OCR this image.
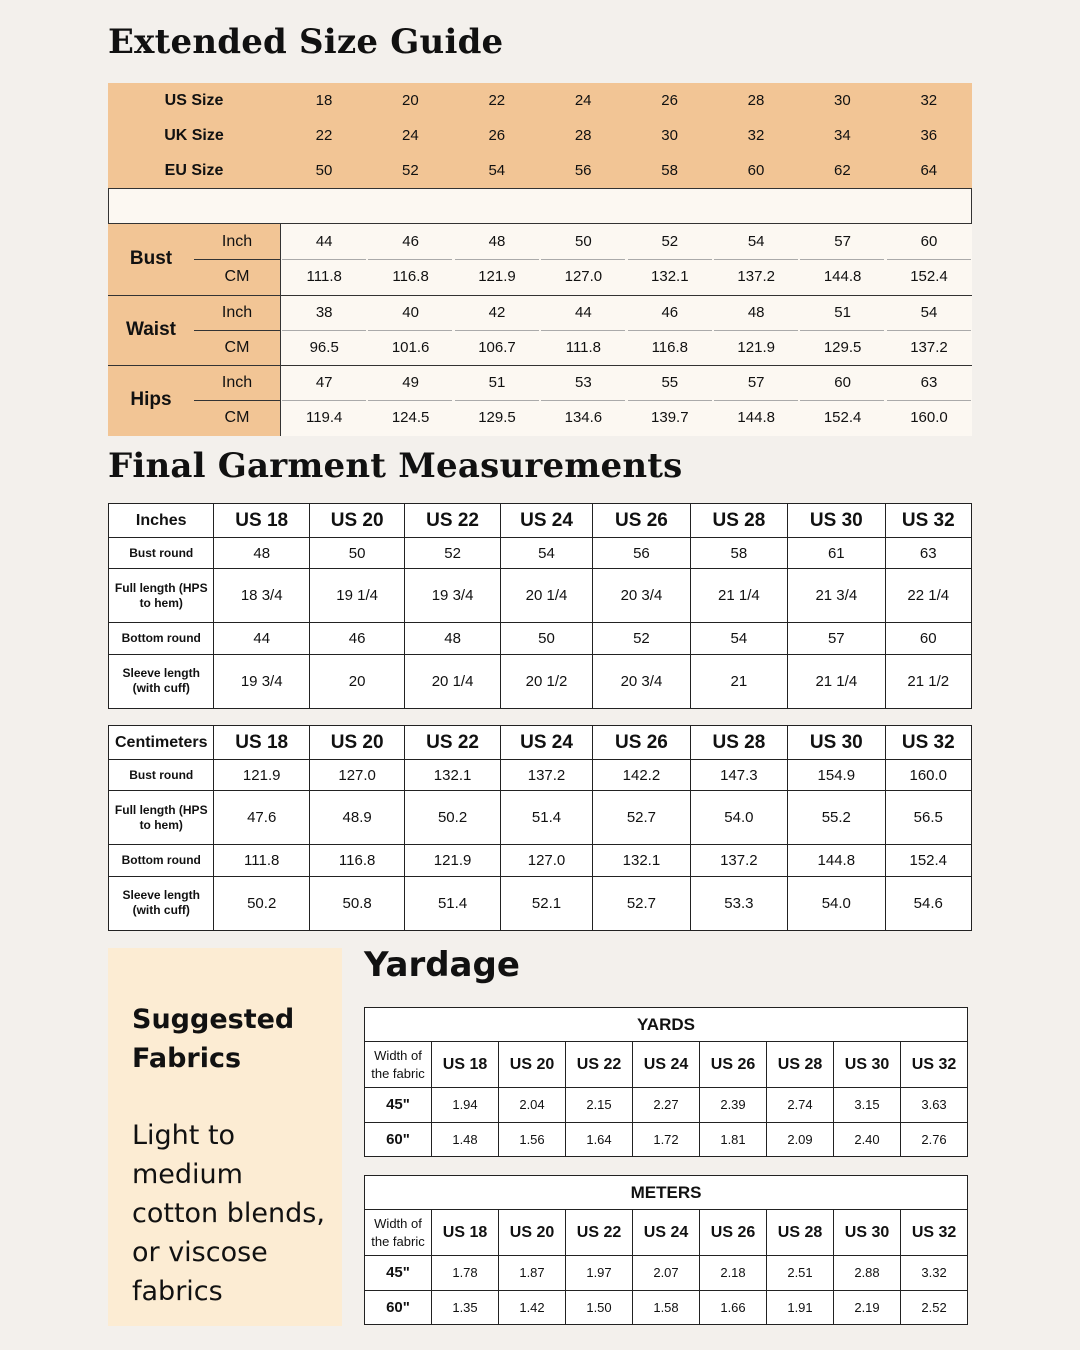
Extended Size Guide
Final Garment Measurements
US Size	18	20	22	24	26	28	30	32
UK Size	22	24	26	28	30	32	34	36
EU Size	50	52	54	56	58	60	62	64
Bust
Inch	44	46	48	50	52	54	57	60
CM	111.8	116.8	121.9	127.0	132.1	137.2	144.8	152.4
Waist
Inch	38	40	42	44	46	48	51	54
CM	96.5	101.6	106.7	111.8	116.8	121.9	129.5	137.2
Hips
Inch	47	49	51	53	55	57	60	63
CM	119.4	124.5	129.5	134.6	139.7	144.8	152.4	160.0
Inches	US 18	US 20	US 22	US 24	US 26	US 28	US 30	US 32
Bust round	48	50	52	54	56	58	61	63
Full length (HPS to hem)	18 3/4	19 1/4	19 3/4	20 1/4	20 3/4	21 1/4	21 3/4	22 1/4
Bottom round	44	46	48	50	52	54	57	60
Sleeve length (with cuff)	19 3/4	20	20 1/4	20 1/2	20 3/4	21	21 1/4	21 1/2
Centimeters	US 18	US 20	US 22	US 24	US 26	US 28	US 30	US 32
Bust round	121.9	127.0	132.1	137.2	142.2	147.3	154.9	160.0
Full length (HPS to hem)	47.6	48.9	50.2	51.4	52.7	54.0	55.2	56.5
Bottom round	111.8	116.8	121.9	127.0	132.1	137.2	144.8	152.4
Sleeve length (with cuff)	50.2	50.8	51.4	52.1	52.7	53.3	54.0	54.6
Suggested Fabrics
Light to medium cotton blends, or viscose fabrics
Yardage
YARDS								
Width of the fabric	US 18	US 20	US 22	US 24	US 26	US 28	US 30	US 32
45"	1.94	2.04	2.15	2.27	2.39	2.74	3.15	3.63
60"	1.48	1.56	1.64	1.72	1.81	2.09	2.40	2.76
METERS								
Width of the fabric	US 18	US 20	US 22	US 24	US 26	US 28	US 30	US 32
45"	1.78	1.87	1.97	2.07	2.18	2.51	2.88	3.32
60"	1.35	1.42	1.50	1.58	1.66	1.91	2.19	2.52
